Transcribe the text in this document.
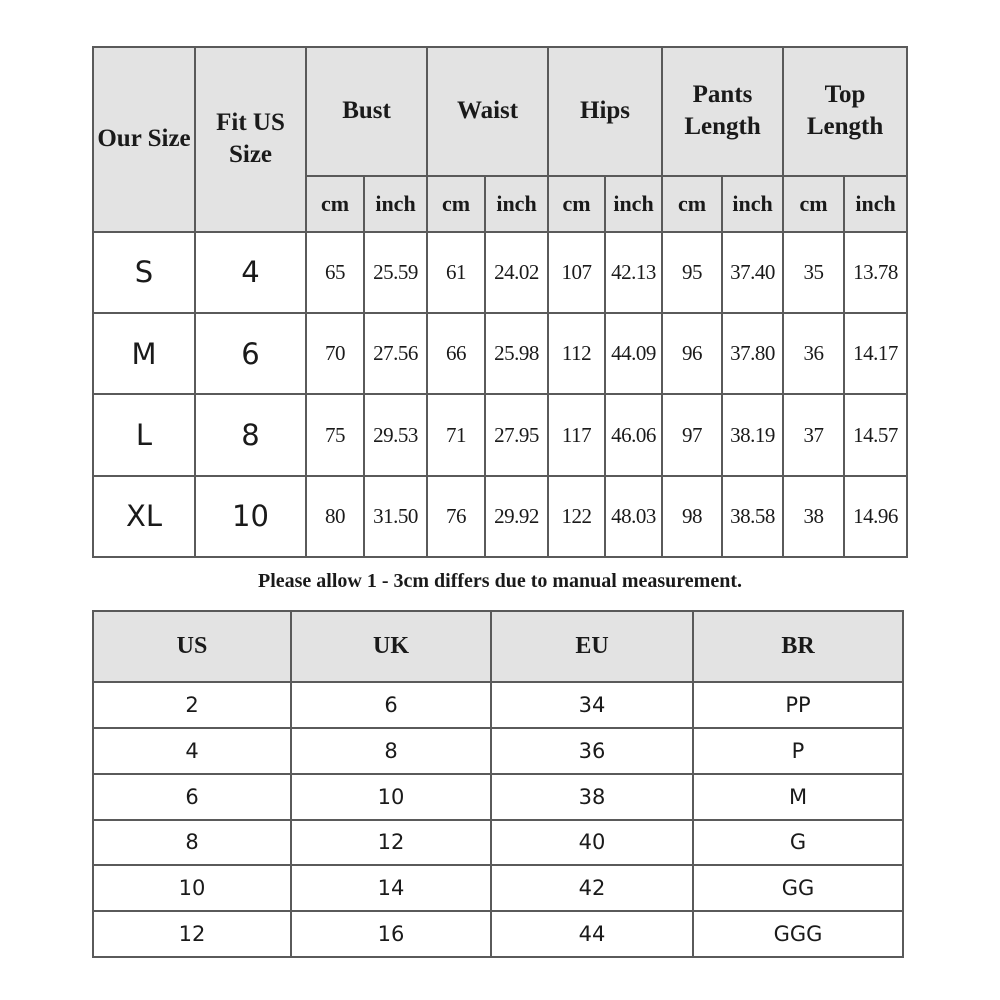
Our Size	Fit US Size	Bust		Waist		Hips		Pants Length		Top Length	
		cm	inch	cm	inch	cm	inch	cm	inch	cm	inch
S	4	65	25.59	61	24.02	107	42.13	95	37.40	35	13.78
M	6	70	27.56	66	25.98	112	44.09	96	37.80	36	14.17
L	8	75	29.53	71	27.95	117	46.06	97	38.19	37	14.57
XL	10	80	31.50	76	29.92	122	48.03	98	38.58	38	14.96
Please allow 1 - 3cm differs due to manual measurement.
US	UK	EU	BR
2	6	34	PP
4	8	36	P
6	10	38	M
8	12	40	G
10	14	42	GG
12	16	44	GGG
